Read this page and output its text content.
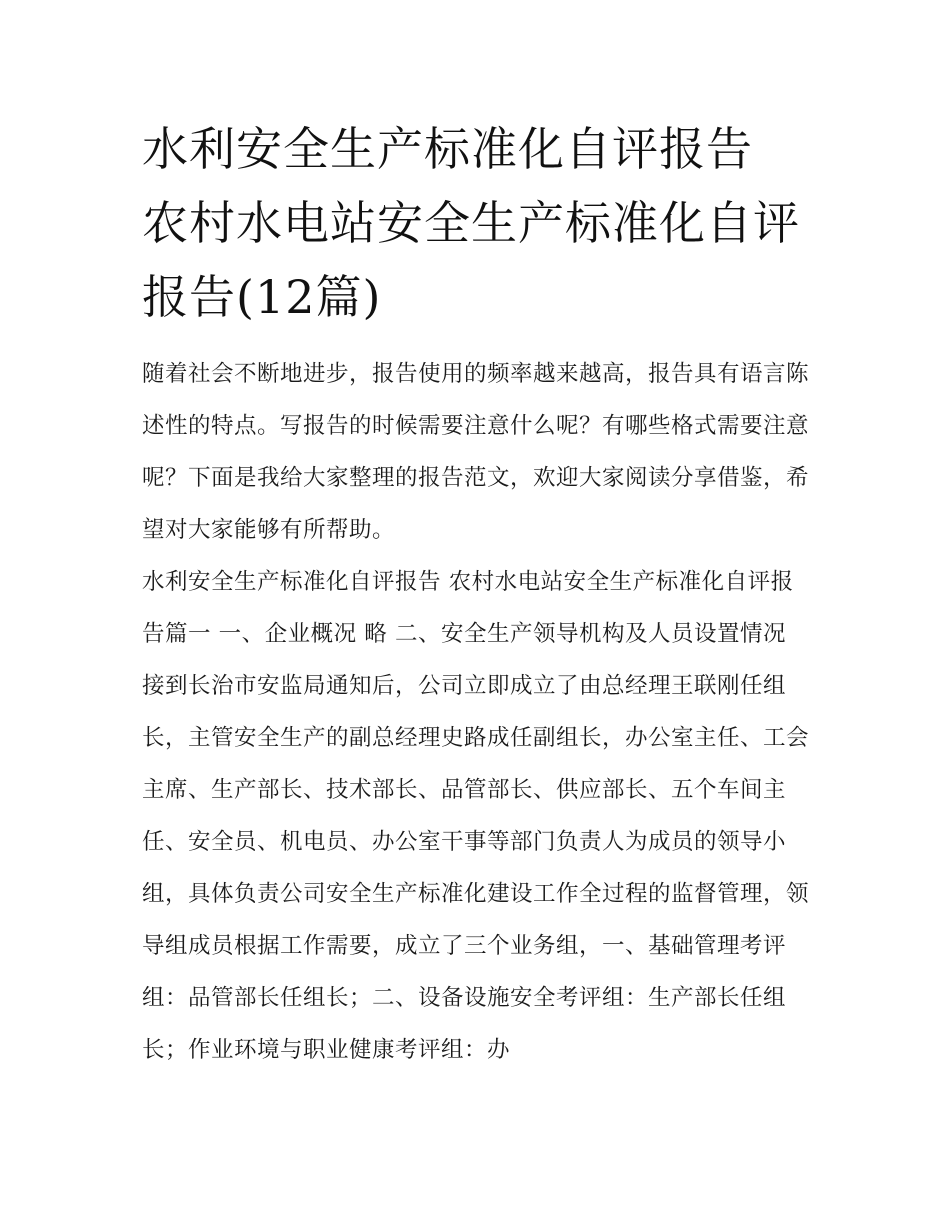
水利安全生产标准化自评报告 农村水电站安全生产标准化自评报告(12篇)

随着社会不断地进步，报告使用的频率越来越高，报告具有语言陈述性的特点。写报告的时候需要注意什么呢？有哪些格式需要注意呢？下面是我给大家整理的报告范文，欢迎大家阅读分享借鉴，希望对大家能够有所帮助。

水利安全生产标准化自评报告 农村水电站安全生产标准化自评报告篇一 一、企业概况 略 二、安全生产领导机构及人员设置情况

接到长治市安监局通知后，公司立即成立了由总经理王联刚任组长，主管安全生产的副总经理史路成任副组长，办公室主任、工会主席、生产部长、技术部长、品管部长、供应部长、五个车间主任、安全员、机电员、办公室干事等部门负责人为成员的领导小组，具体负责公司安全生产标准化建设工作全过程的监督管理，领导组成员根据工作需要，成立了三个业务组，一、基础管理考评组：品管部长任组长；二、设备设施安全考评组：生产部长任组长；作业环境与职业健康考评组：办
